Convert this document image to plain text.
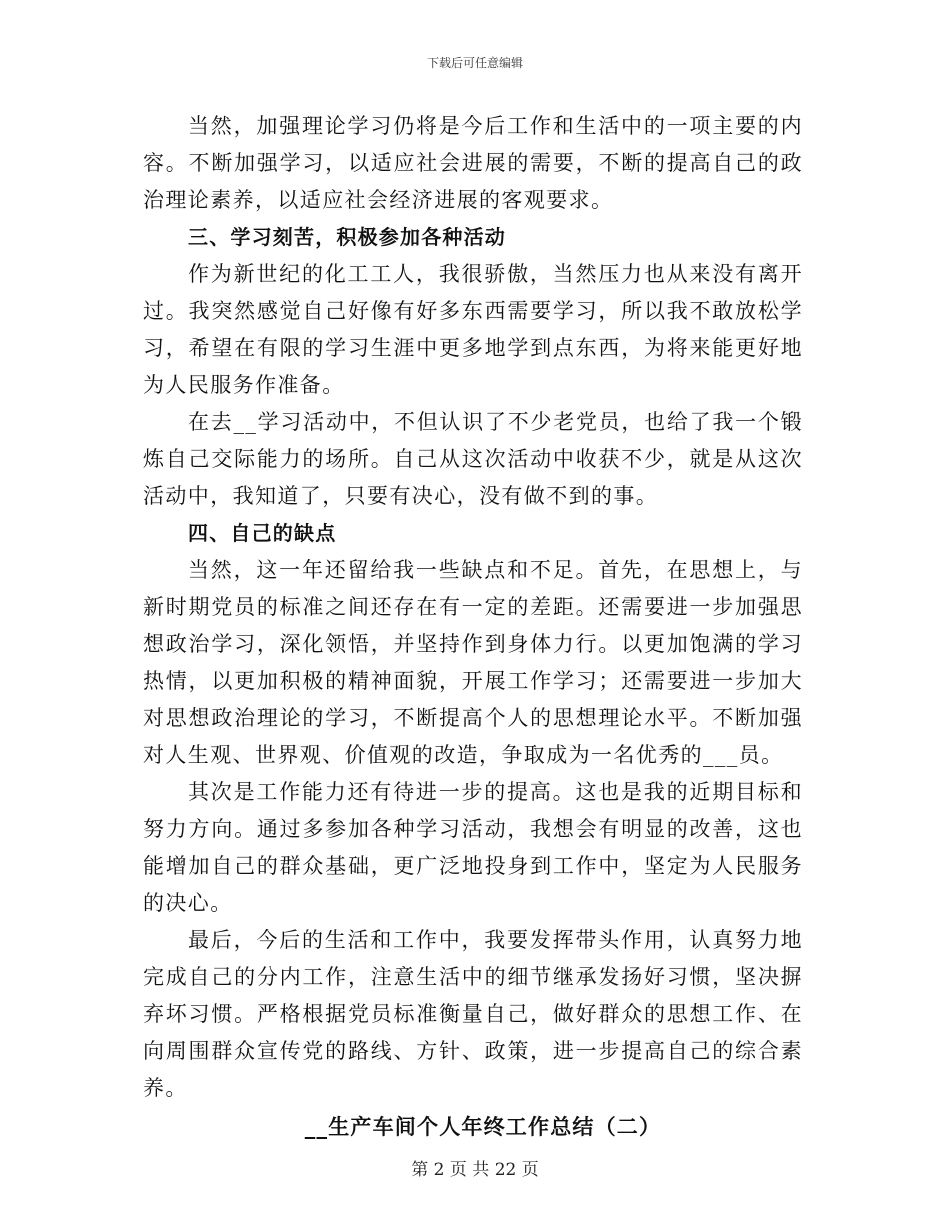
下载后可任意编辑

当然，加强理论学习仍将是今后工作和生活中的一项主要的内容。不断加强学习，以适应社会进展的需要，不断的提高自己的政治理论素养，以适应社会经济进展的客观要求。

三、学习刻苦，积极参加各种活动

作为新世纪的化工工人，我很骄傲，当然压力也从来没有离开过。我突然感觉自己好像有好多东西需要学习，所以我不敢放松学习，希望在有限的学习生涯中更多地学到点东西，为将来能更好地为人民服务作准备。

在去__学习活动中，不但认识了不少老党员，也给了我一个锻炼自己交际能力的场所。自己从这次活动中收获不少，就是从这次活动中，我知道了，只要有决心，没有做不到的事。

四、自己的缺点

当然，这一年还留给我一些缺点和不足。首先，在思想上，与新时期党员的标准之间还存在有一定的差距。还需要进一步加强思想政治学习，深化领悟，并坚持作到身体力行。以更加饱满的学习热情，以更加积极的精神面貌，开展工作学习；还需要进一步加大对思想政治理论的学习，不断提高个人的思想理论水平。不断加强对人生观、世界观、价值观的改造，争取成为一名优秀的___员。

其次是工作能力还有待进一步的提高。这也是我的近期目标和努力方向。通过多参加各种学习活动，我想会有明显的改善，这也能增加自己的群众基础，更广泛地投身到工作中，坚定为人民服务的决心。

最后，今后的生活和工作中，我要发挥带头作用，认真努力地完成自己的分内工作，注意生活中的细节继承发扬好习惯，坚决摒弃坏习惯。严格根据党员标准衡量自己，做好群众的思想工作、在向周围群众宣传党的路线、方针、政策，进一步提高自己的综合素养。

__生产车间个人年终工作总结（二）

第 2 页 共 22 页
